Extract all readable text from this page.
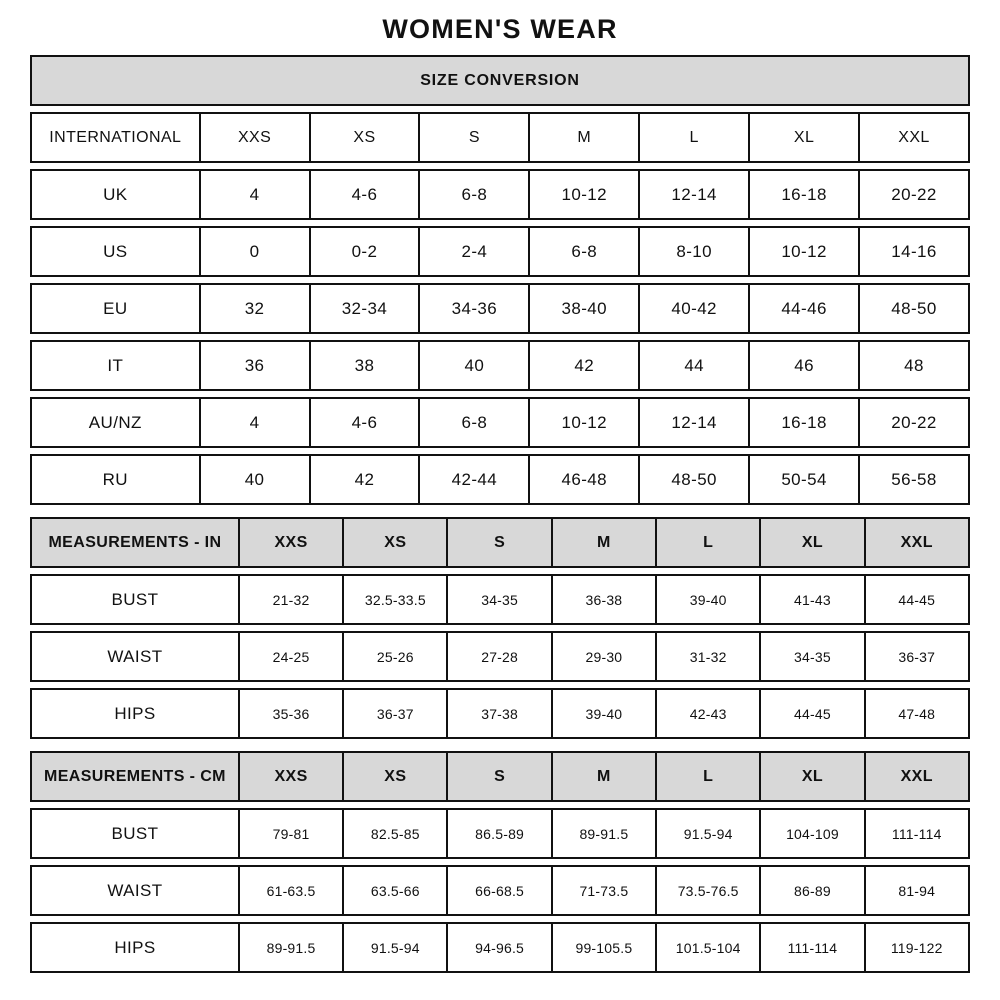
WOMEN'S WEAR
SIZE CONVERSION
INTERNATIONAL	XXS	XS	S	M	L	XL	XXL
UK	4	4-6	6-8	10-12	12-14	16-18	20-22
US	0	0-2	2-4	6-8	8-10	10-12	14-16
EU	32	32-34	34-36	38-40	40-42	44-46	48-50
IT	36	38	40	42	44	46	48
AU/NZ	4	4-6	6-8	10-12	12-14	16-18	20-22
RU	40	42	42-44	46-48	48-50	50-54	56-58
MEASUREMENTS - IN	XXS	XS	S	M	L	XL	XXL
BUST	21-32	32.5-33.5	34-35	36-38	39-40	41-43	44-45
WAIST	24-25	25-26	27-28	29-30	31-32	34-35	36-37
HIPS	35-36	36-37	37-38	39-40	42-43	44-45	47-48
MEASUREMENTS - CM	XXS	XS	S	M	L	XL	XXL
BUST	79-81	82.5-85	86.5-89	89-91.5	91.5-94	104-109	111-114
WAIST	61-63.5	63.5-66	66-68.5	71-73.5	73.5-76.5	86-89	81-94
HIPS	89-91.5	91.5-94	94-96.5	99-105.5	101.5-104	111-114	119-122
